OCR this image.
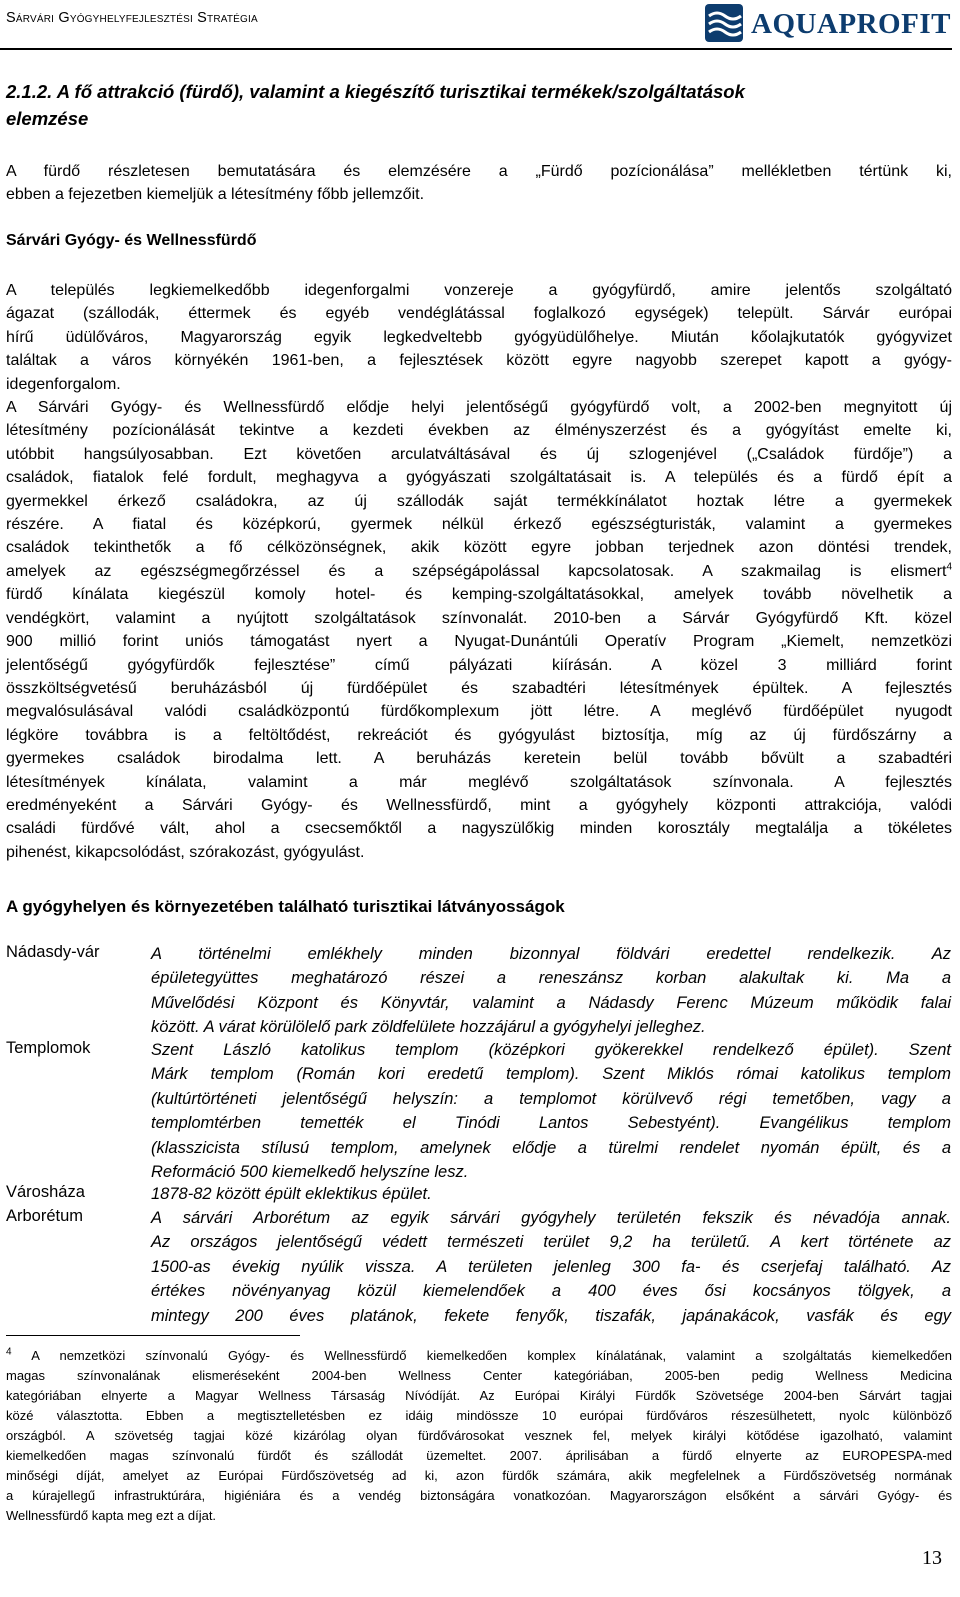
Sárvári Gyógyhelyfejlesztési Stratégia	AQUAPROFIT
2.1.2. A fő attrakció (fürdő), valamint a kiegészítő turisztikai termékek/szolgáltatások
elemzése
A fürdő részletesen bemutatására és elemzésére a „Fürdő pozícionálása” mellékletben tértünk ki,
ebben a fejezetben kiemeljük a létesítmény főbb jellemzőit.
Sárvári Gyógy- és Wellnessfürdő
A település legkiemelkedőbb idegenforgalmi vonzereje a gyógyfürdő, amire jelentős szolgáltató
ágazat (szállodák, éttermek és egyéb vendéglátással foglalkozó egységek) települt. Sárvár európai
hírű üdülőváros, Magyarország egyik legkedveltebb gyógyüdülőhelye. Miután kőolajkutatók gyógyvizet
találtak a város környékén 1961-ben, a fejlesztések között egyre nagyobb szerepet kapott a gyógy-
idegenforgalom.
A Sárvári Gyógy- és Wellnessfürdő elődje helyi jelentőségű gyógyfürdő volt, a 2002-ben megnyitott új
létesítmény pozícionálását tekintve a kezdeti években az élményszerzést és a gyógyítást emelte ki,
utóbbit hangsúlyosabban. Ezt követően arculatváltásával és új szlogenjével („Családok fürdője”) a
családok, fiatalok felé fordult, meghagyva a gyógyászati szolgáltatásait is. A település és a fürdő épít a
gyermekkel érkező családokra, az új szállodák saját termékkínálatot hoztak létre a gyermekek
részére. A fiatal és középkorú, gyermek nélkül érkező egészségturisták, valamint a gyermekes
családok tekinthetők a fő célközönségnek, akik között egyre jobban terjednek azon döntési trendek,
amelyek az egészségmegőrzéssel és a szépségápolással kapcsolatosak. A szakmailag is elismert$^4$
fürdő kínálata kiegészül komoly hotel- és kemping-szolgáltatásokkal, amelyek tovább növelhetik a
vendégkört, valamint a nyújtott szolgáltatások színvonalát. 2010-ben a Sárvár Gyógyfürdő Kft. közel
900 millió forint uniós támogatást nyert a Nyugat-Dunántúli Operatív Program „Kiemelt, nemzetközi
jelentőségű gyógyfürdők fejlesztése” című pályázati kiírásán. A közel 3 milliárd forint
összköltségvetésű beruházásból új fürdőépület és szabadtéri létesítmények épültek. A fejlesztés
megvalósulásával valódi családközpontú fürdőkomplexum jött létre. A meglévő fürdőépület nyugodt
légköre továbbra is a feltöltődést, rekreációt és gyógyulást biztosítja, míg az új fürdőszárny a
gyermekes családok birodalma lett. A beruházás keretein belül tovább bővült a szabadtéri
létesítmények kínálata, valamint a már meglévő szolgáltatások színvonala. A fejlesztés
eredményeként a Sárvári Gyógy- és Wellnessfürdő, mint a gyógyhely központi attrakciója, valódi
családi fürdővé vált, ahol a csecsemőktől a nagyszülőkig minden korosztály megtalálja a tökéletes
pihenést, kikapcsolódást, szórakozást, gyógyulást.
A gyógyhelyen és környezetében található turisztikai látványosságok
Nádasdy-vár	A történelmi emlékhely minden bizonnyal földvári eredettel rendelkezik. Az
épületegyüttes meghatározó részei a reneszánsz korban alakultak ki. Ma a
Művelődési Központ és Könyvtár, valamint a Nádasdy Ferenc Múzeum működik falai
között. A várat körülölelő park zöldfelülete hozzájárul a gyógyhelyi jelleghez.
Templomok	Szent László katolikus templom (középkori gyökerekkel rendelkező épület). Szent
Márk templom (Román kori eredetű templom). Szent Miklós római katolikus templom
(kultúrtörténeti jelentőségű helyszín: a templomot körülvevő régi temetőben, vagy a
templomtérben temették el Tinódi Lantos Sebestyént). Evangélikus templom
(klasszicista stílusú templom, amelynek elődje a türelmi rendelet nyomán épült, és a
Reformáció 500 kiemelkedő helyszíne lesz.
Városháza	1878-82 között épült eklektikus épület.
Arborétum	A sárvári Arborétum az egyik sárvári gyógyhely területén fekszik és névadója annak.
Az országos jelentőségű védett természeti terület 9,2 ha területű. A kert története az
1500-as évekig nyúlik vissza. A területen jelenleg 300 fa- és cserjefaj található. Az
értékes növényanyag közül kiemelendőek a 400 éves ősi kocsányos tölgyek, a
mintegy 200 éves platánok, fekete fenyők, tiszafák, japánakácok, vasfák és egy
$^4$ A nemzetközi színvonalú Gyógy- és Wellnessfürdő kiemelkedően komplex kínálatának, valamint a szolgáltatás kiemelkedően
magas színvonalának elismeréseként 2004-ben Wellness Center kategóriában, 2005-ben pedig Wellness Medicina
kategóriában elnyerte a Magyar Wellness Társaság Nívódíját. Az Európai Királyi Fürdők Szövetsége 2004-ben Sárvárt tagjai
közé választotta. Ebben a megtisztelletésben ez idáig mindössze 10 európai fürdőváros részesülhetett, nyolc különböző
országból. A szövetség tagjai közé kizárólag olyan fürdővárosokat vesznek fel, melyek királyi kötődése igazolható, valamint
kiemelkedően magas színvonalú fürdőt és szállodát üzemeltet. 2007. áprilisában a fürdő elnyerte az EUROPESPA-med
minőségi díját, amelyet az Európai Fürdőszövetség ad ki, azon fürdők számára, akik megfelelnek a Fürdőszövetség normának
a kúrajellegű infrastruktúrára, higiéniára és a vendég biztonságára vonatkozóan. Magyarországon elsőként a sárvári Gyógy- és
Wellnessfürdő kapta meg ezt a díjat.
13
